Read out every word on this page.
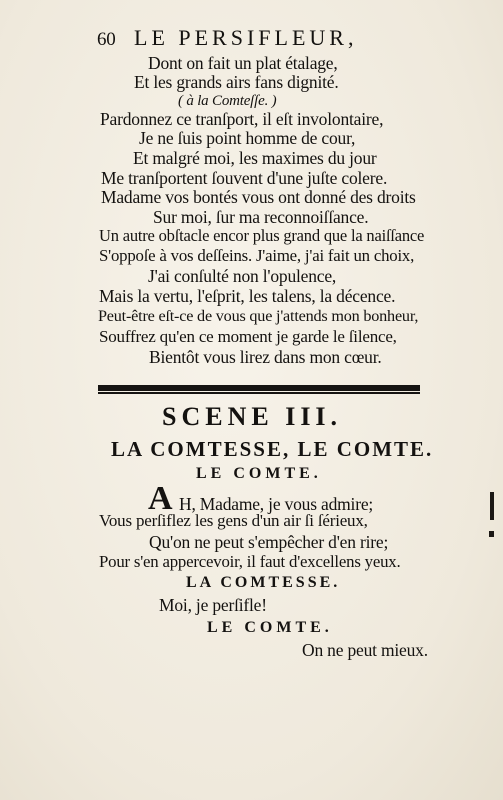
60 LE PERSIFLEUR,
Dont on fait un plat étalage,
Et les grands airs fans dignité.
( à la Comteſſe. )
Pardonnez ce tranſport, il eſt involontaire,
Je ne ſuis point homme de cour,
Et malgré moi, les maximes du jour
Me tranſportent ſouvent d'une juſte colere.
Madame vos bontés vous ont donné des droits
Sur moi, ſur ma reconnoiſſance.
Un autre obſtacle encor plus grand que la naiſſance
S'oppoſe à vos deſſeins. J'aime, j'ai fait un choix,
J'ai conſulté non l'opulence,
Mais la vertu, l'eſprit, les talens, la décence.
Peut-être eſt-ce de vous que j'attends mon bonheur,
Souffrez qu'en ce moment je garde le ſilence,
Bientôt vous lirez dans mon cœur.
SCENE III.
LA COMTESSE, LE COMTE.
LE COMTE.
A H, Madame, je vous admire;
Vous perſiflez les gens d'un air ſi ſérieux,
Qu'on ne peut s'empêcher d'en rire;
Pour s'en appercevoir, il faut d'excellens yeux.
LA COMTESSE.
Moi, je perſifle!
LE COMTE.
On ne peut mieux.
